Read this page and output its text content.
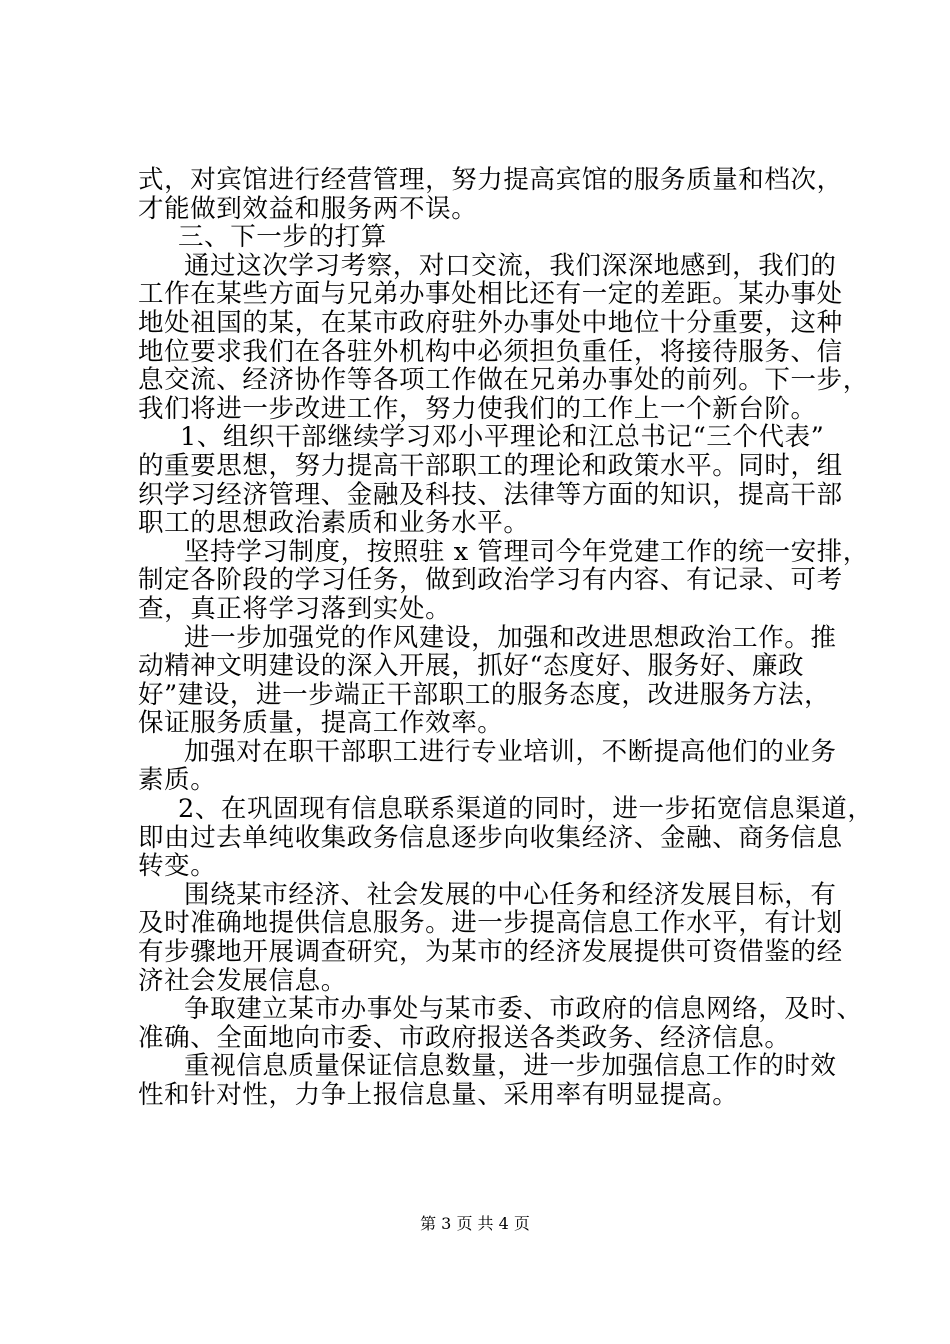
式，对宾馆进行经营管理，努力提高宾馆的服务质量和档次，
才能做到效益和服务两不误。
三、下一步的打算
通过这次学习考察，对口交流，我们深深地感到，我们的
工作在某些方面与兄弟办事处相比还有一定的差距。某办事处
地处祖国的某，在某市政府驻外办事处中地位十分重要，这种
地位要求我们在各驻外机构中必须担负重任，将接待服务、信
息交流、经济协作等各项工作做在兄弟办事处的前列。下一步，
我们将进一步改进工作，努力使我们的工作上一个新台阶。
1、组织干部继续学习邓小平理论和江总书记“三个代表”
的重要思想，努力提高干部职工的理论和政策水平。同时，组
织学习经济管理、金融及科技、法律等方面的知识，提高干部
职工的思想政治素质和业务水平。
坚持学习制度，按照驻 x 管理司今年党建工作的统一安排，
制定各阶段的学习任务，做到政治学习有内容、有记录、可考
查，真正将学习落到实处。
进一步加强党的作风建设，加强和改进思想政治工作。推
动精神文明建设的深入开展，抓好“态度好、服务好、廉政
好”建设，进一步端正干部职工的服务态度，改进服务方法，
保证服务质量，提高工作效率。
加强对在职干部职工进行专业培训，不断提高他们的业务
素质。
2、在巩固现有信息联系渠道的同时，进一步拓宽信息渠道，
即由过去单纯收集政务信息逐步向收集经济、金融、商务信息
转变。
围绕某市经济、社会发展的中心任务和经济发展目标，有
及时准确地提供信息服务。进一步提高信息工作水平，有计划
有步骤地开展调查研究，为某市的经济发展提供可资借鉴的经
济社会发展信息。
争取建立某市办事处与某市委、市政府的信息网络，及时、
准确、全面地向市委、市政府报送各类政务、经济信息。
重视信息质量保证信息数量，进一步加强信息工作的时效
性和针对性，力争上报信息量、采用率有明显提高。
第 3 页 共 4 页
